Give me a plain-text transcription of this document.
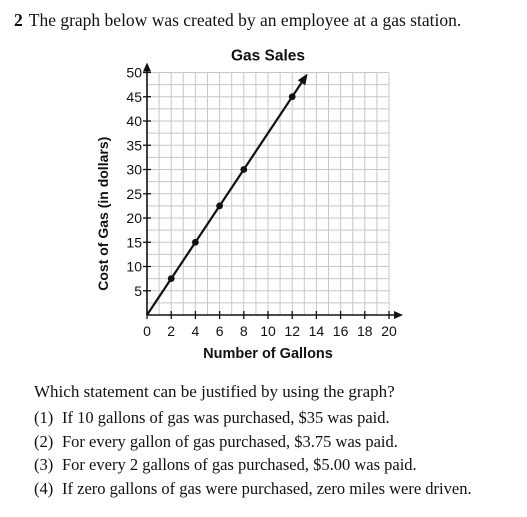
2 The graph below was created by an employee at a gas station.
0 2 4 6 8 10 12 14 16 18 20
5
10
15
20
25
30
35
40
45
50
Gas Sales
Number of Gallons
Cost of Gas (in dollars)
Which statement can be justified by using the graph?
(1) If 10 gallons of gas was purchased, $35 was paid.
(2) For every gallon of gas purchased, $3.75 was paid.
(3) For every 2 gallons of gas purchased, $5.00 was paid.
(4) If zero gallons of gas were purchased, zero miles were driven.
